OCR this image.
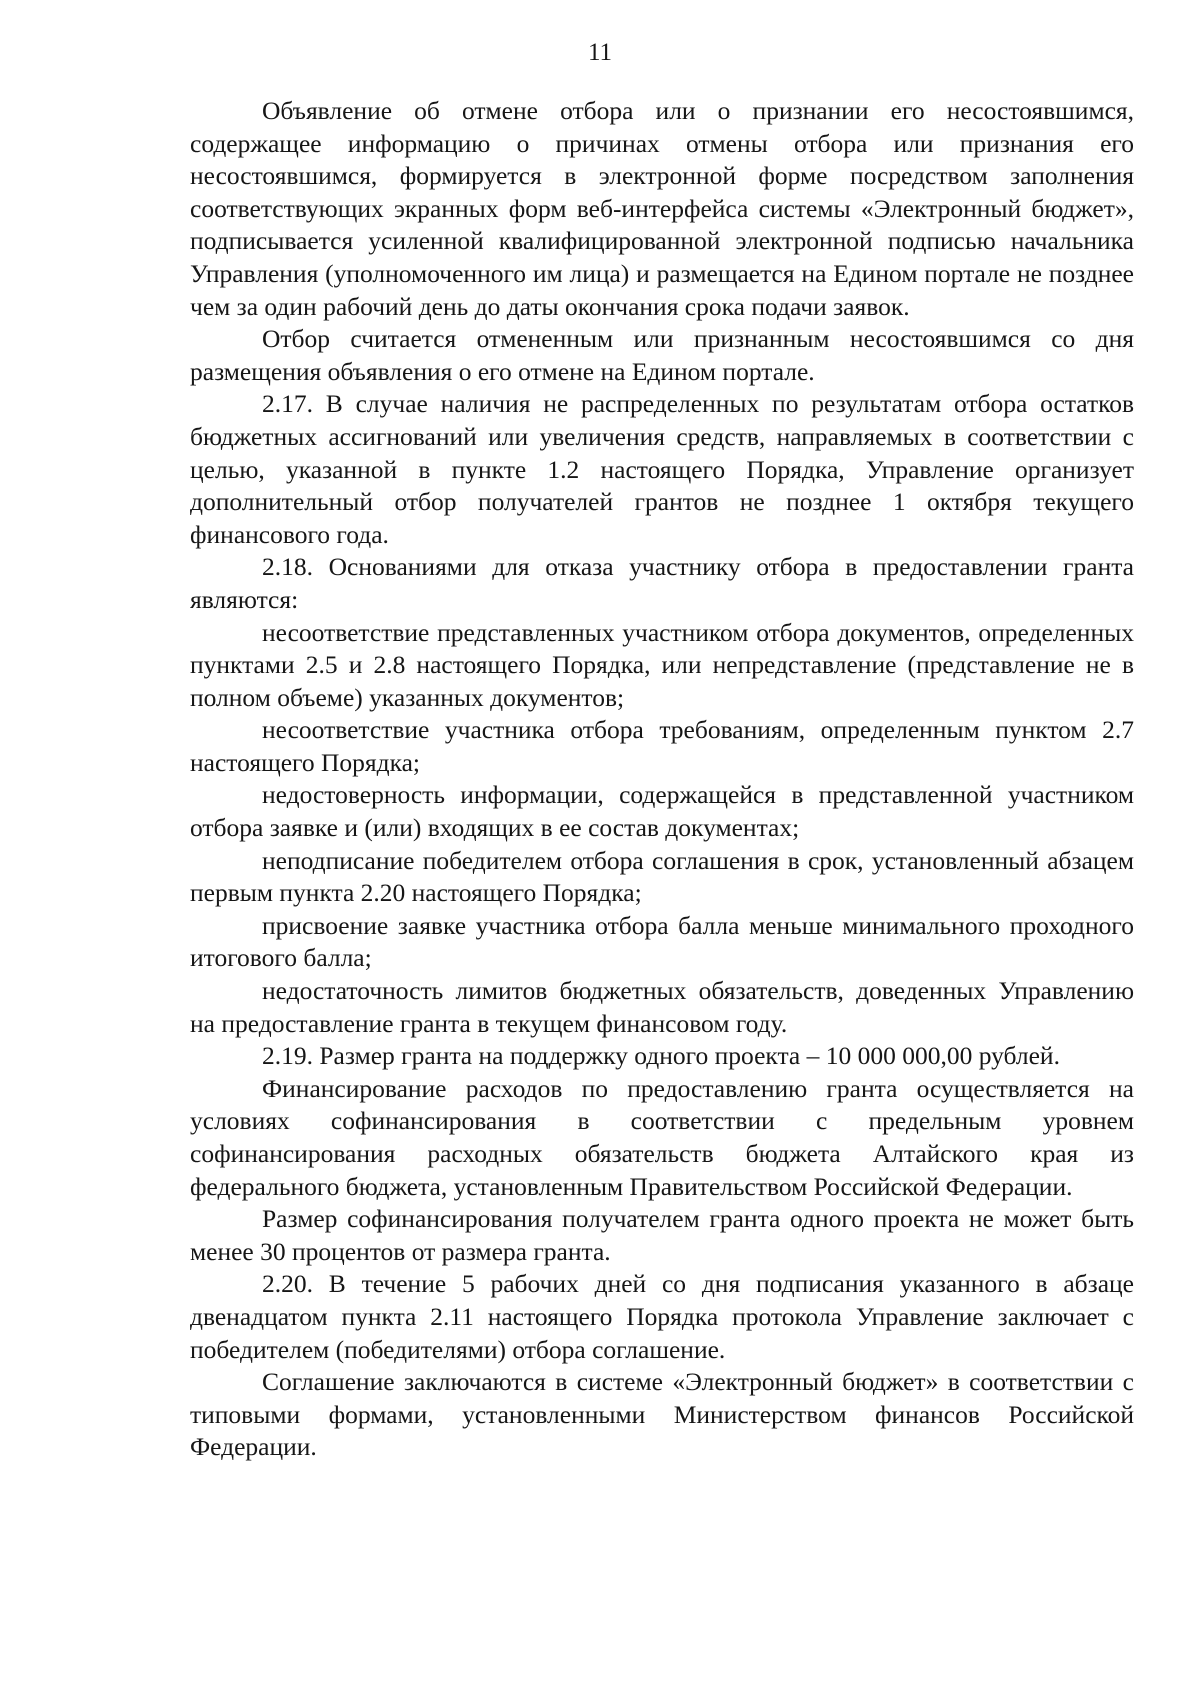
11

Объявление об отмене отбора или о признании его несостоявшимся, содержащее информацию о причинах отмены отбора или признания его несостоявшимся, формируется в электронной форме посредством заполнения соответствующих экранных форм веб-интерфейса системы «Электронный бюджет», подписывается усиленной квалифицированной электронной подписью начальника Управления (уполномоченного им лица) и размещается на Едином портале не позднее чем за один рабочий день до даты окончания срока подачи заявок.

Отбор считается отмененным или признанным несостоявшимся со дня размещения объявления о его отмене на Едином портале.

2.17. В случае наличия не распределенных по результатам отбора остатков бюджетных ассигнований или увеличения средств, направляемых в соответствии с целью, указанной в пункте 1.2 настоящего Порядка, Управление организует дополнительный отбор получателей грантов не позднее 1 октября текущего финансового года.

2.18. Основаниями для отказа участнику отбора в предоставлении гранта являются:

несоответствие представленных участником отбора документов, определенных пунктами 2.5 и 2.8 настоящего Порядка, или непредставление (представление не в полном объеме) указанных документов;

несоответствие участника отбора требованиям, определенным пунктом 2.7 настоящего Порядка;

недостоверность информации, содержащейся в представленной участником отбора заявке и (или) входящих в ее состав документах;

неподписание победителем отбора соглашения в срок, установленный абзацем первым пункта 2.20 настоящего Порядка;

присвоение заявке участника отбора балла меньше минимального проходного итогового балла;

недостаточность лимитов бюджетных обязательств, доведенных Управлению на предоставление гранта в текущем финансовом году.

2.19. Размер гранта на поддержку одного проекта – 10 000 000,00 рублей.

Финансирование расходов по предоставлению гранта осуществляется на условиях софинансирования в соответствии с предельным уровнем софинансирования расходных обязательств бюджета Алтайского края из федерального бюджета, установленным Правительством Российской Федерации.

Размер софинансирования получателем гранта одного проекта не может быть менее 30 процентов от размера гранта.

2.20. В течение 5 рабочих дней со дня подписания указанного в абзаце двенадцатом пункта 2.11 настоящего Порядка протокола Управление заключает с победителем (победителями) отбора соглашение.

Соглашение заключаются в системе «Электронный бюджет» в соответствии с типовыми формами, установленными Министерством финансов Российской Федерации.
